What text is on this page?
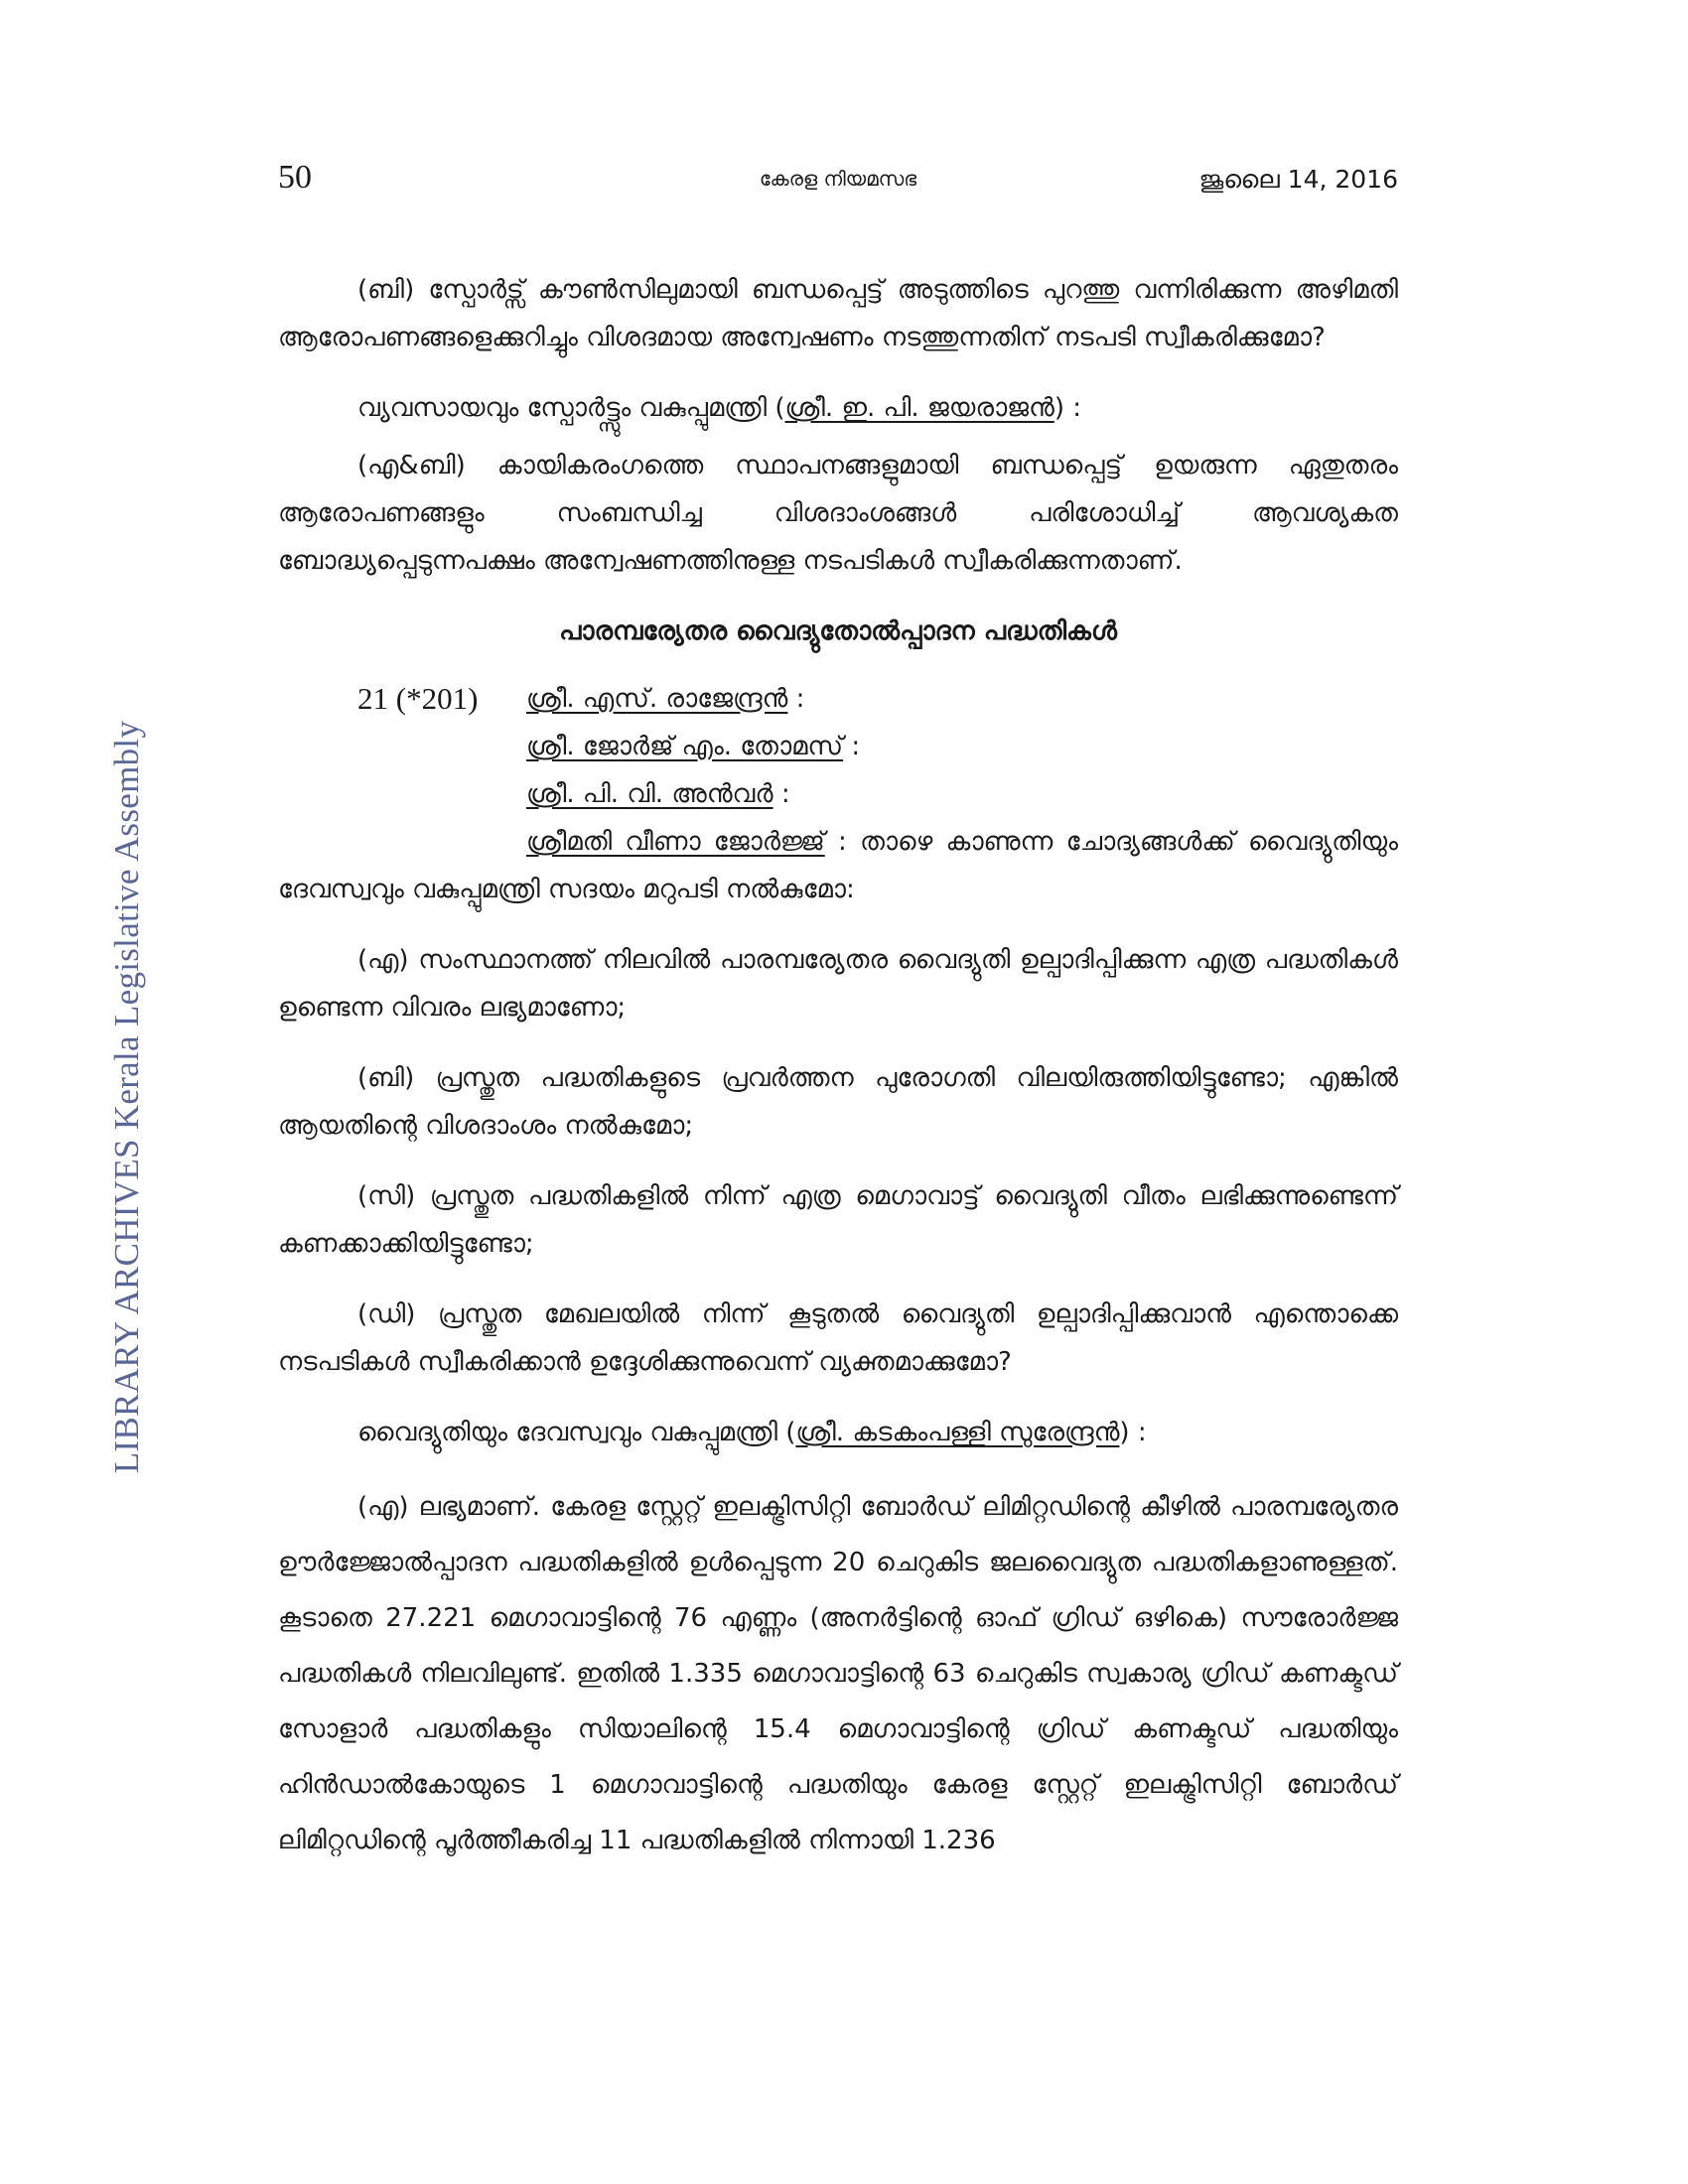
LIBRARY ARCHIVES Kerala Legislative Assembly
50	കേരള നിയമസഭ	ജൂലൈ 14, 2016

(ബി) സ്പോർട്സ് കൗൺസിലുമായി ബന്ധപ്പെട്ട് അടുത്തിടെ പുറത്തു വന്നിരിക്കുന്ന അഴിമതി ആരോപണങ്ങളെക്കുറിച്ചും വിശദമായ അന്വേഷണം നടത്തുന്നതിന് നടപടി സ്വീകരിക്കുമോ?

വ്യവസായവും സ്പോർട്ട്സും വകുപ്പുമന്ത്രി (ശ്രീ. ഇ. പി. ജയരാജൻ) :

(എ&ബി) കായികരംഗത്തെ സ്ഥാപനങ്ങളുമായി ബന്ധപ്പെട്ട് ഉയരുന്ന ഏതുതരം ആരോപണങ്ങളും സംബന്ധിച്ച വിശദാംശങ്ങൾ പരിശോധിച്ച് ആവശ്യകത ബോദ്ധ്യപ്പെടുന്നപക്ഷം അന്വേഷണത്തിനുള്ള നടപടികൾ സ്വീകരിക്കുന്നതാണ്.

പാരമ്പര്യേതര വൈദ്യുതോൽപ്പാദന പദ്ധതികൾ
21 (*201)	ശ്രീ. എസ്. രാജേന്ദ്രൻ :
ശ്രീ. ജോർജ് എം. തോമസ് :
ശ്രീ. പി. വി. അൻവർ :

ശ്രീമതി വീണാ ജോർജ്ജ് : താഴെ കാണുന്ന ചോദ്യങ്ങൾക്ക് വൈദ്യുതിയും ദേവസ്വവും വകുപ്പുമന്ത്രി സദയം മറുപടി നൽകുമോ:

(എ) സംസ്ഥാനത്ത് നിലവിൽ പാരമ്പര്യേതര വൈദ്യുതി ഉല്പാദിപ്പിക്കുന്ന എത്ര പദ്ധതികൾ ഉണ്ടെന്ന വിവരം ലഭ്യമാണോ;

(ബി) പ്രസ്തുത പദ്ധതികളുടെ പ്രവർത്തന പുരോഗതി വിലയിരുത്തിയിട്ടുണ്ടോ; എങ്കിൽ ആയതിന്റെ വിശദാംശം നൽകുമോ;

(സി) പ്രസ്തുത പദ്ധതികളിൽ നിന്ന് എത്ര മെഗാവാട്ട് വൈദ്യുതി വീതം ലഭിക്കുന്നുണ്ടെന്ന് കണക്കാക്കിയിട്ടുണ്ടോ;

(ഡി) പ്രസ്തുത മേഖലയിൽ നിന്ന് കൂടുതൽ വൈദ്യുതി ഉല്പാദിപ്പിക്കുവാൻ എന്തൊക്കെ നടപടികൾ സ്വീകരിക്കാൻ ഉദ്ദേശിക്കുന്നുവെന്ന് വ്യക്തമാക്കുമോ?

വൈദ്യുതിയും ദേവസ്വവും വകുപ്പുമന്ത്രി (ശ്രീ. കടകംപള്ളി സുരേന്ദ്രൻ) :

(എ) ലഭ്യമാണ്. കേരള സ്റ്റേറ്റ് ഇലക്ട്രിസിറ്റി ബോർഡ് ലിമിറ്റഡിന്റെ കീഴിൽ പാരമ്പര്യേതര ഊർജ്ജോൽപ്പാദന പദ്ധതികളിൽ ഉൾപ്പെടുന്ന 20 ചെറുകിട ജലവൈദ്യുത പദ്ധതികളാണുള്ളത്. കൂടാതെ 27.221 മെഗാവാട്ടിന്റെ 76 എണ്ണം (അനർട്ടിന്റെ ഓഫ് ഗ്രിഡ് ഒഴികെ) സൗരോർജ്ജ പദ്ധതികൾ നിലവിലുണ്ട്. ഇതിൽ 1.335 മെഗാവാട്ടിന്റെ 63 ചെറുകിട സ്വകാര്യ ഗ്രിഡ് കണക്ടഡ് സോളാർ പദ്ധതികളും സിയാലിന്റെ 15.4 മെഗാവാട്ടിന്റെ ഗ്രിഡ് കണക്ടഡ് പദ്ധതിയും ഹിൻഡാൽകോയുടെ 1 മെഗാവാട്ടിന്റെ പദ്ധതിയും കേരള സ്റ്റേറ്റ് ഇലക്ട്രിസിറ്റി ബോർഡ് ലിമിറ്റഡിന്റെ പൂർത്തീകരിച്ച 11 പദ്ധതികളിൽ നിന്നായി 1.236
